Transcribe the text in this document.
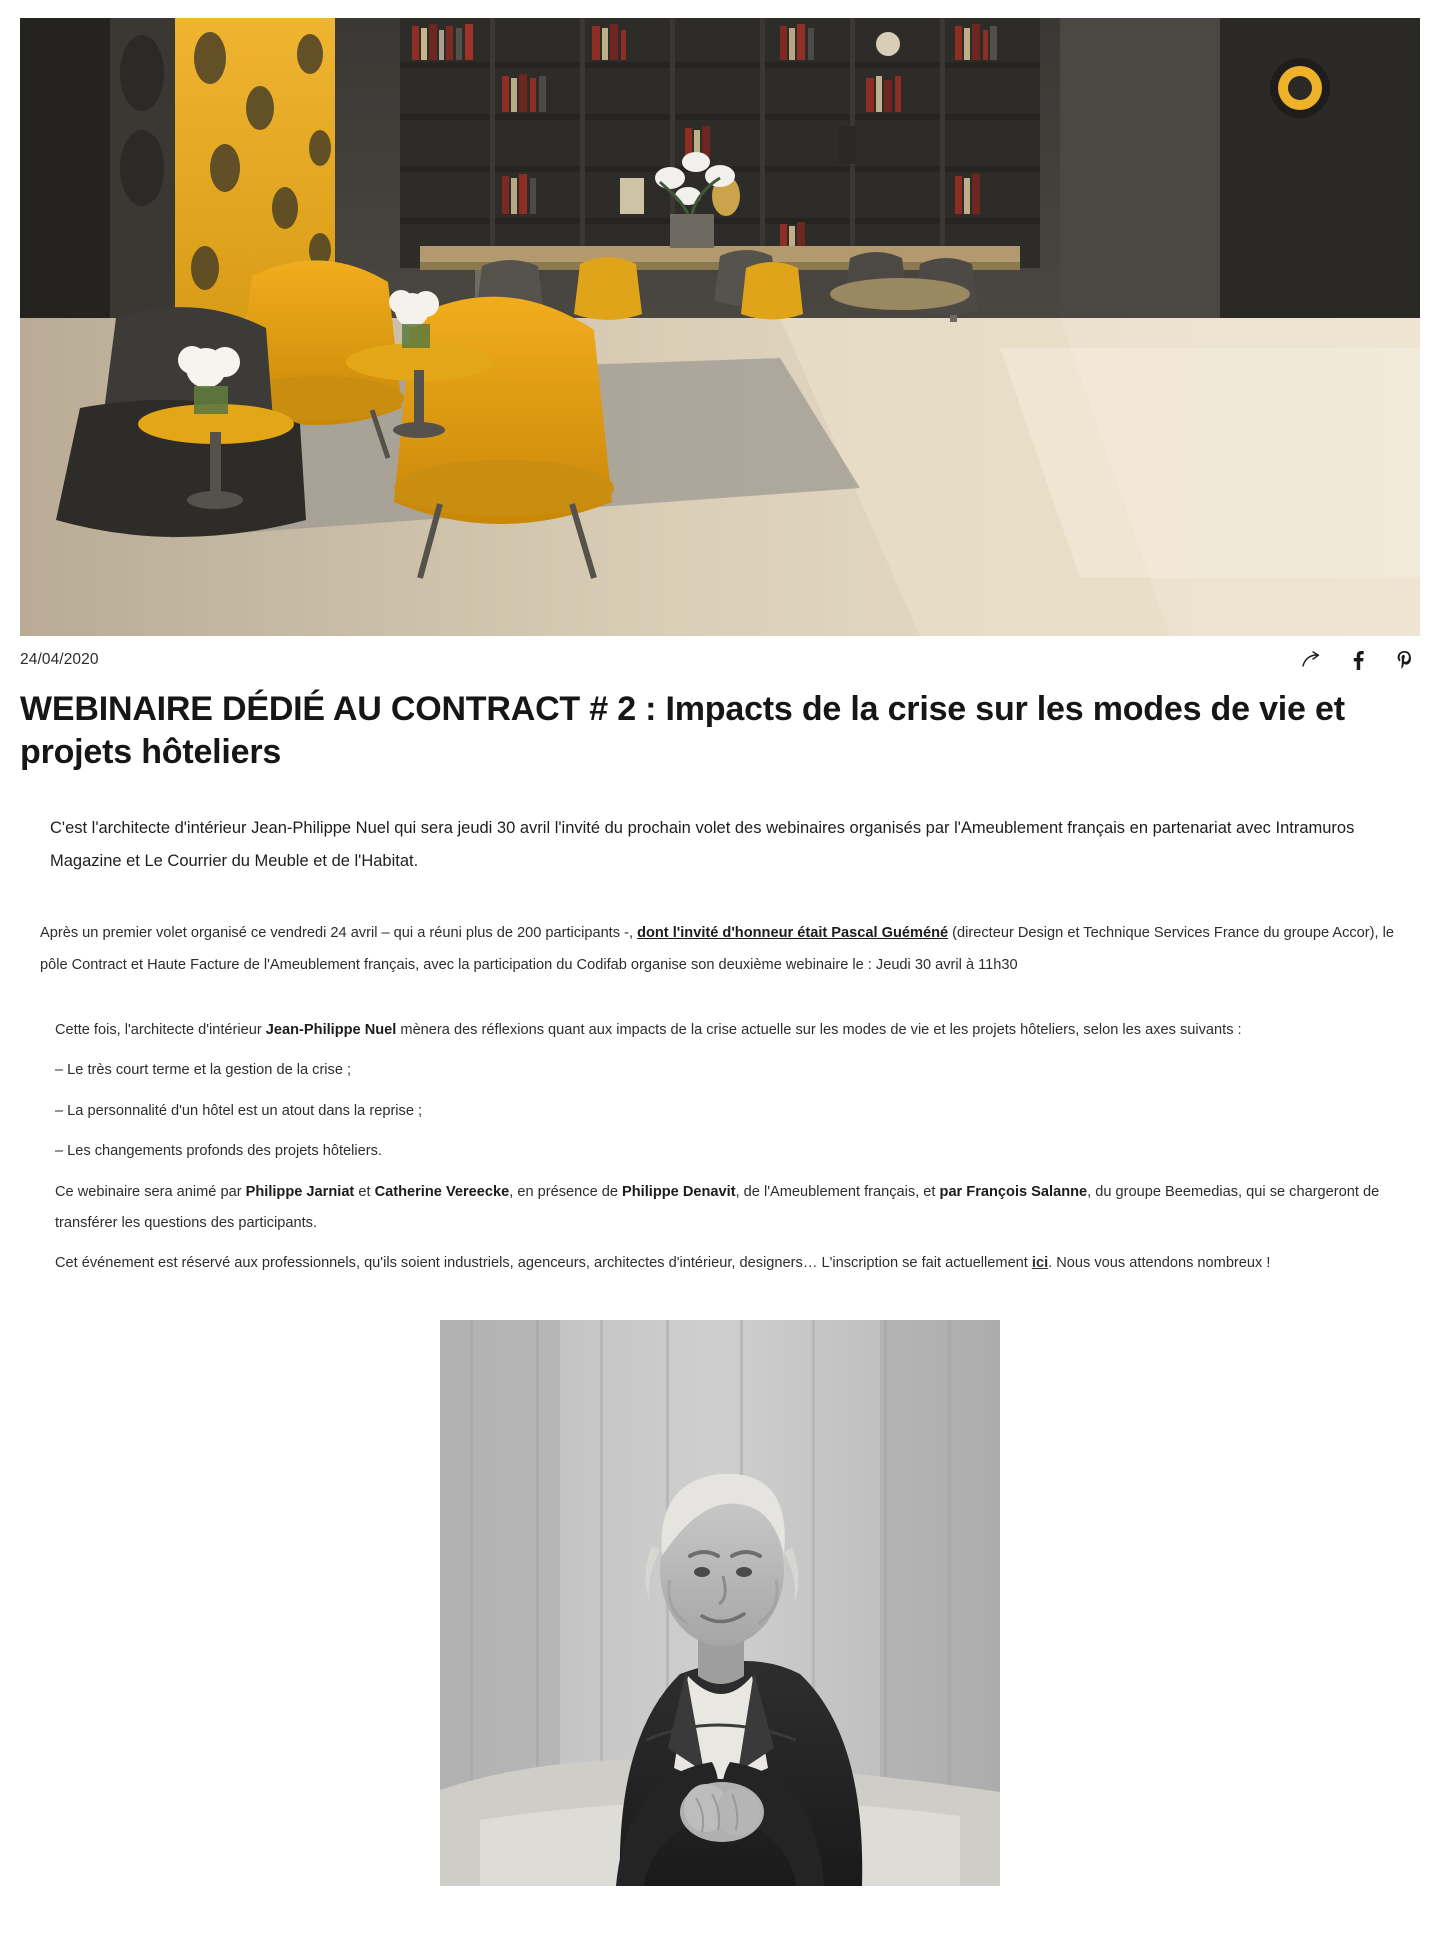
24/04/2020
WEBINAIRE DÉDIÉ AU CONTRACT # 2 : Impacts de la crise sur les modes de vie et projets hôteliers
C'est l'architecte d'intérieur Jean-Philippe Nuel qui sera jeudi 30 avril l'invité du prochain volet des webinaires organisés par l'Ameublement français en partenariat avec Intramuros Magazine et Le Courrier du Meuble et de l'Habitat.

Après un premier volet organisé ce vendredi 24 avril – qui a réuni plus de 200 participants -, dont l'invité d'honneur était Pascal Guéméné (directeur Design et Technique Services France du groupe Accor), le pôle Contract et Haute Facture de l'Ameublement français, avec la participation du Codifab organise son deuxième webinaire le : Jeudi 30 avril à 11h30

Cette fois, l'architecte d'intérieur Jean-Philippe Nuel mènera des réflexions quant aux impacts de la crise actuelle sur les modes de vie et les projets hôteliers, selon les axes suivants :

– Le très court terme et la gestion de la crise ;

– La personnalité d'un hôtel est un atout dans la reprise ;

– Les changements profonds des projets hôteliers.

Ce webinaire sera animé par Philippe Jarniat et Catherine Vereecke, en présence de Philippe Denavit, de l'Ameublement français, et par François Salanne, du groupe Beemedias, qui se chargeront de transférer les questions des participants.

Cet événement est réservé aux professionnels, qu'ils soient industriels, agenceurs, architectes d'intérieur, designers… L'inscription se fait actuellement ici. Nous vous attendons nombreux !
